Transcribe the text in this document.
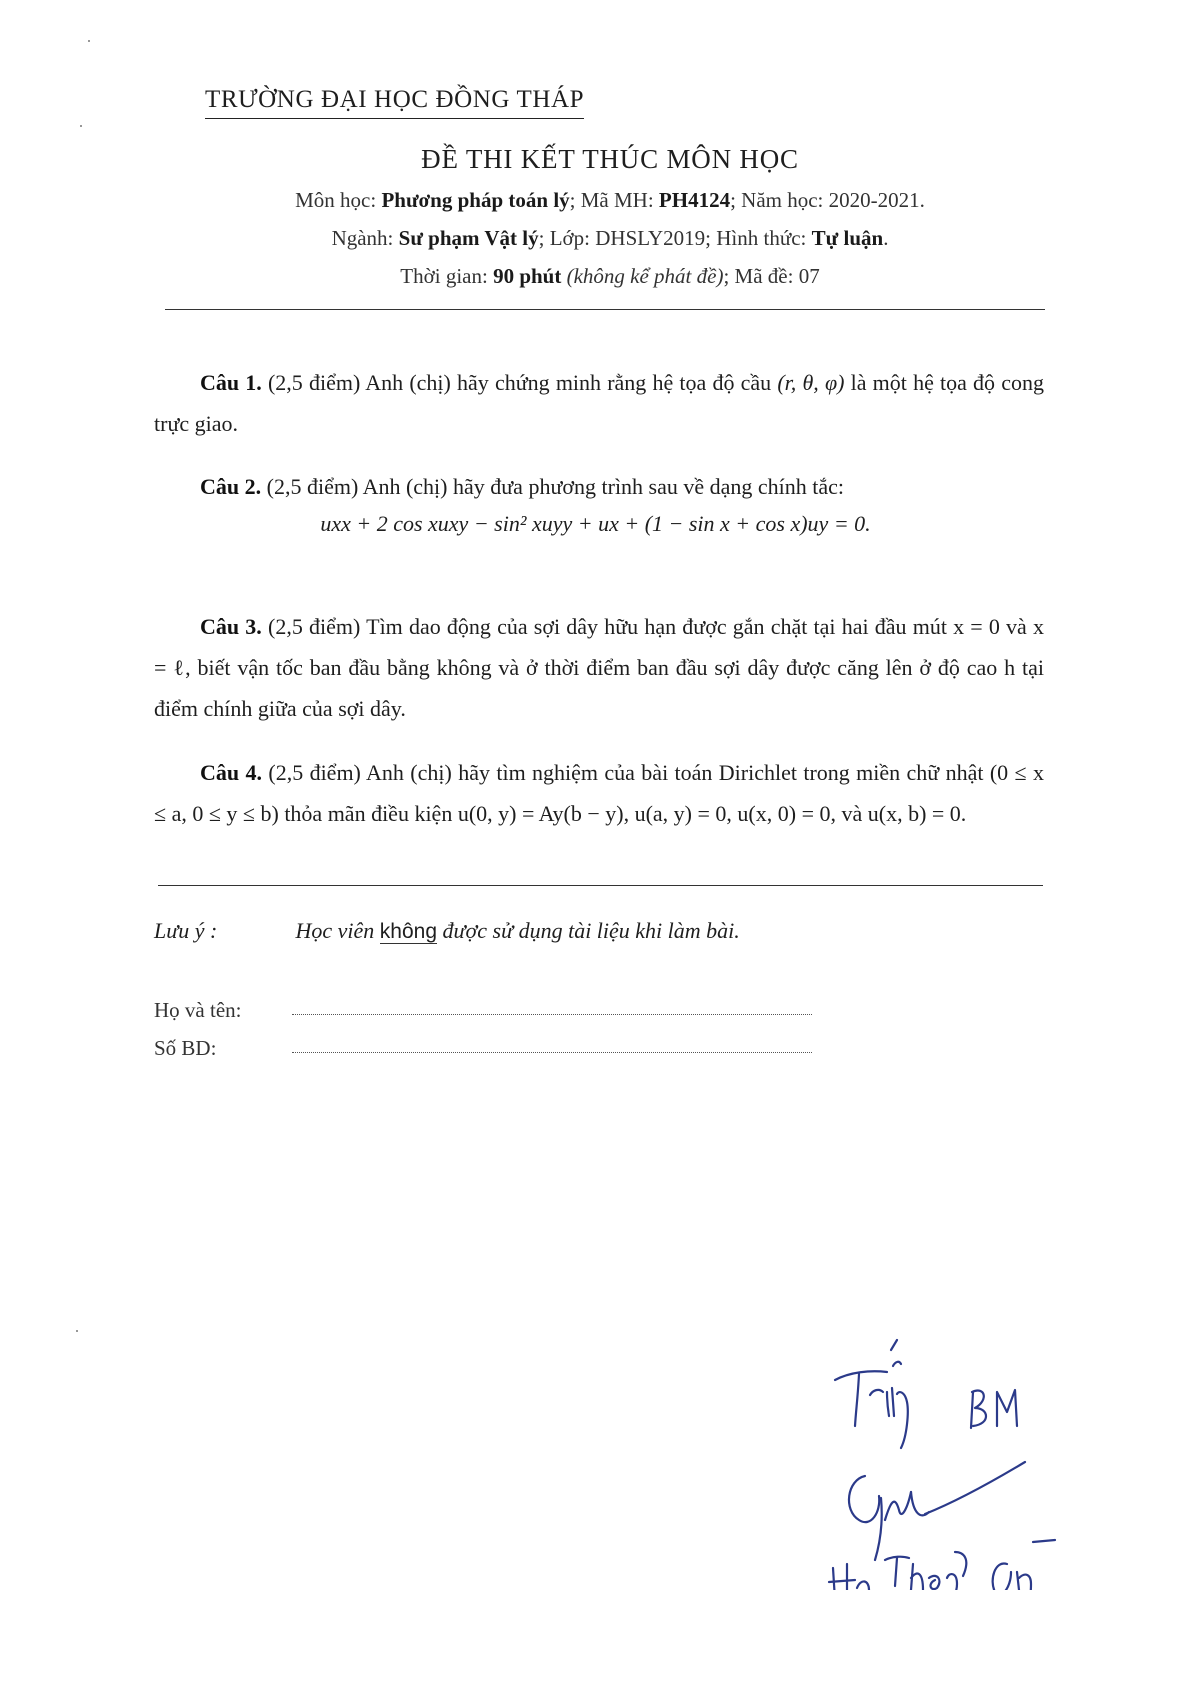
TRƯỜNG ĐẠI HỌC ĐỒNG THÁP
ĐỀ THI KẾT THÚC MÔN HỌC
Môn học: Phương pháp toán lý; Mã MH: PH4124; Năm học: 2020-2021.
Ngành: Sư phạm Vật lý; Lớp: DHSLY2019; Hình thức: Tự luận.
Thời gian: 90 phút (không kể phát đề); Mã đề: 07
Câu 1. (2,5 điểm) Anh (chị) hãy chứng minh rằng hệ tọa độ cầu (r, θ, φ) là một hệ tọa độ cong trực giao.
Câu 2. (2,5 điểm) Anh (chị) hãy đưa phương trình sau về dạng chính tắc:
uxx + 2 cos xuxy − sin² xuyy + ux + (1 − sin x + cos x)uy = 0.
Câu 3. (2,5 điểm) Tìm dao động của sợi dây hữu hạn được gắn chặt tại hai đầu mút x = 0 và x = ℓ, biết vận tốc ban đầu bằng không và ở thời điểm ban đầu sợi dây được căng lên ở độ cao h tại điểm chính giữa của sợi dây.
Câu 4. (2,5 điểm) Anh (chị) hãy tìm nghiệm của bài toán Dirichlet trong miền chữ nhật (0 ≤ x ≤ a, 0 ≤ y ≤ b) thỏa mãn điều kiện u(0, y) = Ay(b − y), u(a, y) = 0, u(x, 0) = 0, và u(x, b) = 0.
Lưu ý :	Học viên không được sử dụng tài liệu khi làm bài.
Họ và tên:
Số BD:
